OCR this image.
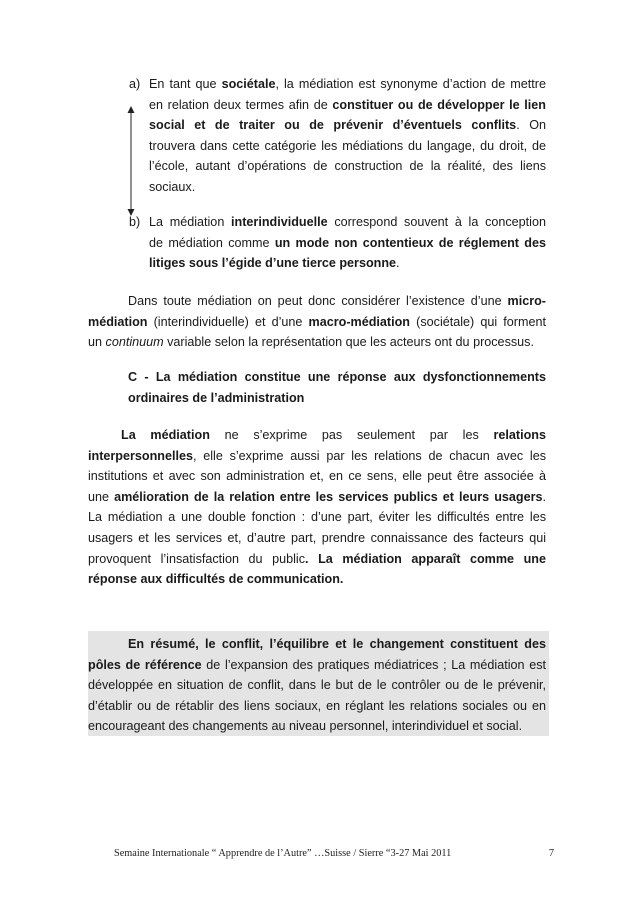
a) En tant que sociétale, la médiation est synonyme d’action de mettre
en relation deux termes afin de constituer ou de développer le lien
social et de traiter ou de prévenir d’éventuels conflits. On
trouvera dans cette catégorie les médiations du langage, du droit, de
l’école, autant d’opérations de construction de la réalité, des liens
sociaux.
b) La médiation interindividuelle correspond souvent à la conception
de médiation comme un mode non contentieux de réglement des
litiges sous l’égide d’une tierce personne.
Dans toute médiation on peut donc considérer l’existence d’une micro-
médiation (interindividuelle) et d’une macro-médiation (sociétale) qui forment
un continuum variable selon la représentation que les acteurs ont du processus.
C - La médiation constitue une réponse aux dysfonctionnements
ordinaires de l’administration
La médiation ne s’exprime pas seulement par les relations
interpersonnelles, elle s’exprime aussi par les relations de chacun avec les
institutions et avec son administration et, en ce sens, elle peut être associée à
une amélioration de la relation entre les services publics et leurs usagers.
La médiation a une double fonction : d’une part, éviter les difficultés entre les
usagers et les services et, d’autre part, prendre connaissance des facteurs qui
provoquent l’insatisfaction du public. La médiation apparaît comme une
réponse aux difficultés de communication.
En résumé, le conflit, l’équilibre et le changement constituent des
pôles de référence de l’expansion des pratiques médiatrices ; La médiation est
développée en situation de conflit, dans le but de le contrôler ou de le prévenir,
d’établir ou de rétablir des liens sociaux, en réglant les relations sociales ou en
encourageant des changements au niveau personnel, interindividuel et social.
Semaine Internationale “ Apprendre de l’Autre” …Suisse / Sierre “3-27 Mai 2011	7
